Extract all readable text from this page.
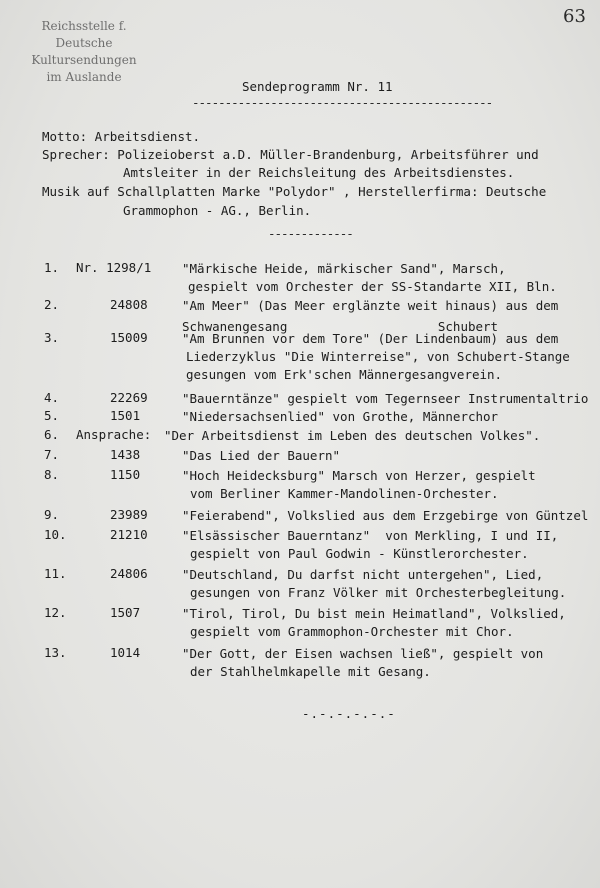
Reichsstelle f. Deutsche
Kultursendungen
im Auslande
63
Sendeprogramm Nr. 11
----------------------------------------------
Motto: Arbeitsdienst.
Sprecher: Polizeioberst a.D. Müller-Brandenburg, Arbeitsführer und
Amtsleiter in der Reichsleitung des Arbeitsdienstes.
Musik auf Schallplatten Marke "Polydor" , Herstellerfirma: Deutsche
Grammophon - AG., Berlin.
-------------
1. Nr. 1298/1 "Märkische Heide, märkischer Sand", Marsch,
gespielt vom Orchester der SS-Standarte XII, Bln.
2.	24808	"Am Meer" (Das Meer erglänzte weit hinaus) aus dem
Schwanengesang                    Schubert
3.	15009	"Am Brunnen vor dem Tore" (Der Lindenbaum) aus dem
Liederzyklus "Die Winterreise", von Schubert-Stange
gesungen vom Erk'schen Männergesangverein.
4.	22269	"Bauerntänze" gespielt vom Tegernseer Instrumentaltrio
5.	1501	"Niedersachsenlied" von Grothe, Männerchor
6. Ansprache: "Der Arbeitsdienst im Leben des deutschen Volkes".
7.	1438	"Das Lied der Bauern"
8.	1150	"Hoch Heidecksburg" Marsch von Herzer, gespielt
vom Berliner Kammer-Mandolinen-Orchester.
9.	23989	"Feierabend", Volkslied aus dem Erzgebirge von Güntzel
10.	21210	"Elsässischer Bauerntanz"  von Merkling, I und II,
gespielt von Paul Godwin - Künstlerorchester.
11.	24806	"Deutschland, Du darfst nicht untergehen", Lied,
gesungen von Franz Völker mit Orchesterbegleitung.
12.	1507	"Tirol, Tirol, Du bist mein Heimatland", Volkslied,
gespielt vom Grammophon-Orchester mit Chor.
13.	1014	"Der Gott, der Eisen wachsen ließ", gespielt von
der Stahlhelmkapelle mit Gesang.
-.-.-.-.-.-
